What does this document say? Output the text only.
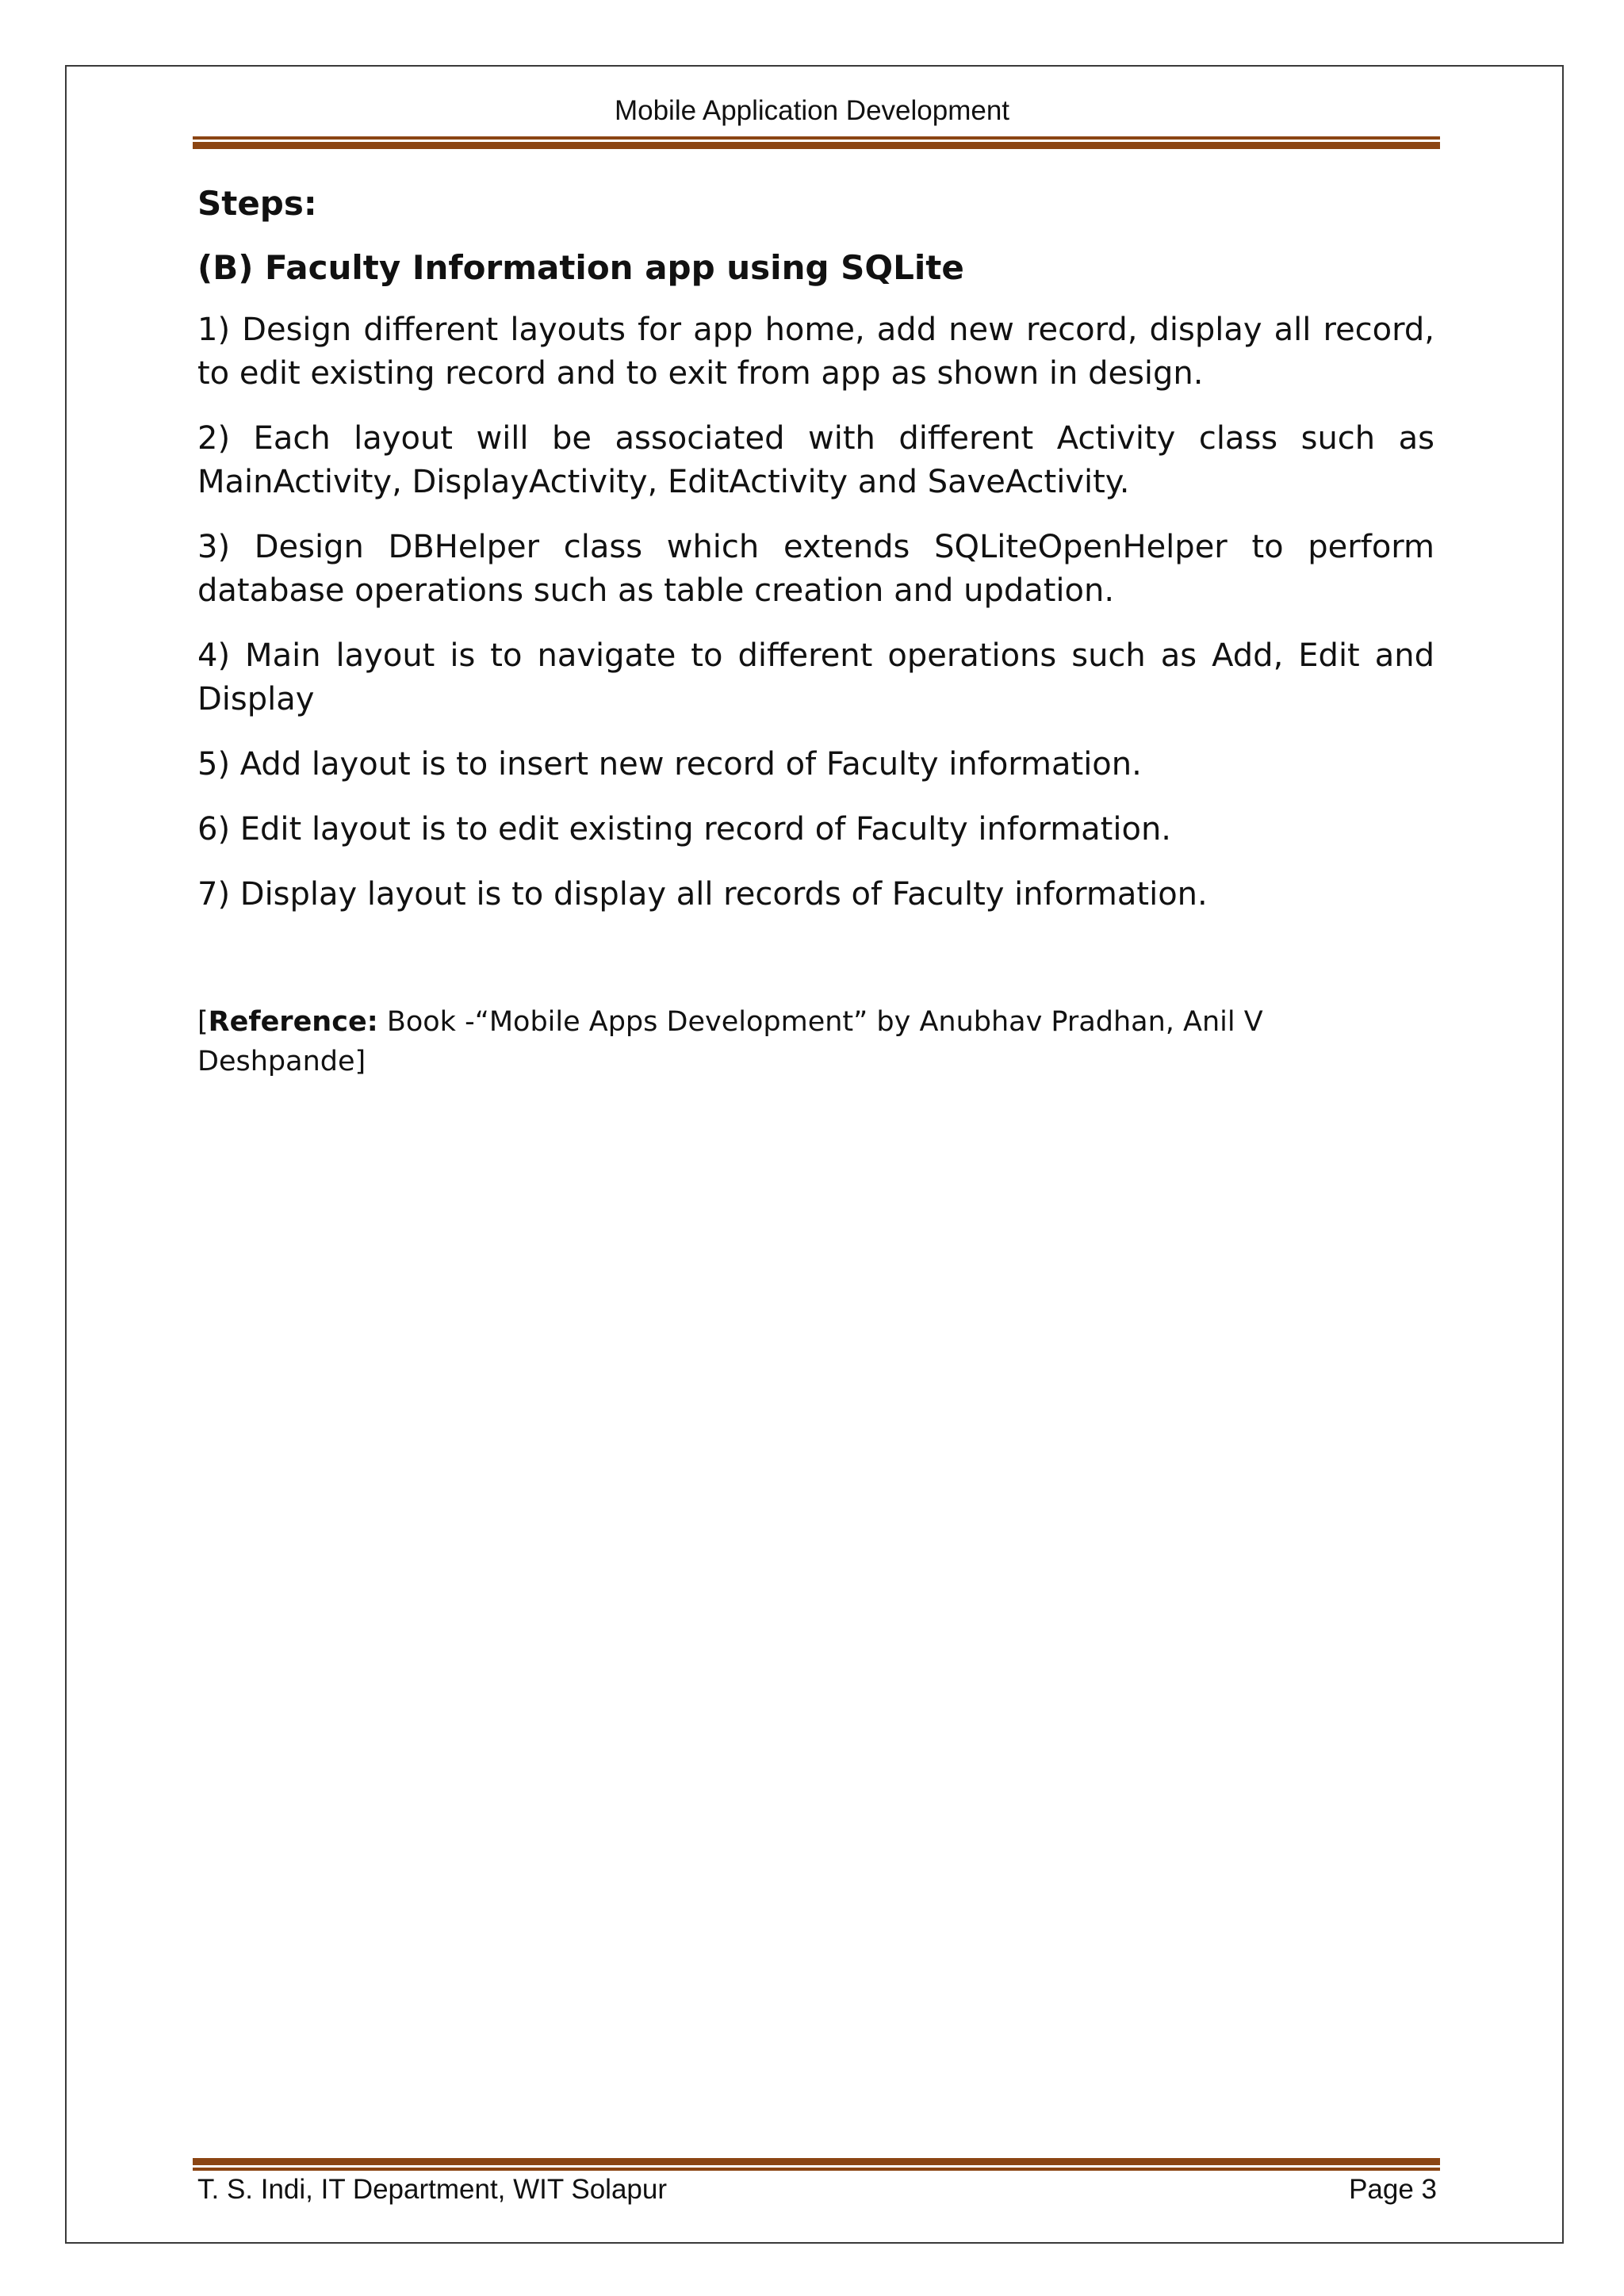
Mobile Application Development
Steps:
(B) Faculty Information app using SQLite

1) Design different layouts for app home, add new record, display all record, to edit existing record and to exit from app as shown in design.

2) Each layout will be associated with different Activity class such as MainActivity, DisplayActivity, EditActivity and SaveActivity.

3) Design DBHelper class which extends SQLiteOpenHelper to perform database operations such as table creation and updation.

4) Main layout is to navigate to different operations such as Add, Edit and Display

5) Add layout is to insert new record of Faculty information.

6) Edit layout is to edit existing record of Faculty information.

7) Display layout is to display all records of Faculty information.

[Reference: Book -“Mobile Apps Development” by Anubhav Pradhan, Anil V Deshpande]
T. S. Indi, IT Department, WIT Solapur	Page 3
